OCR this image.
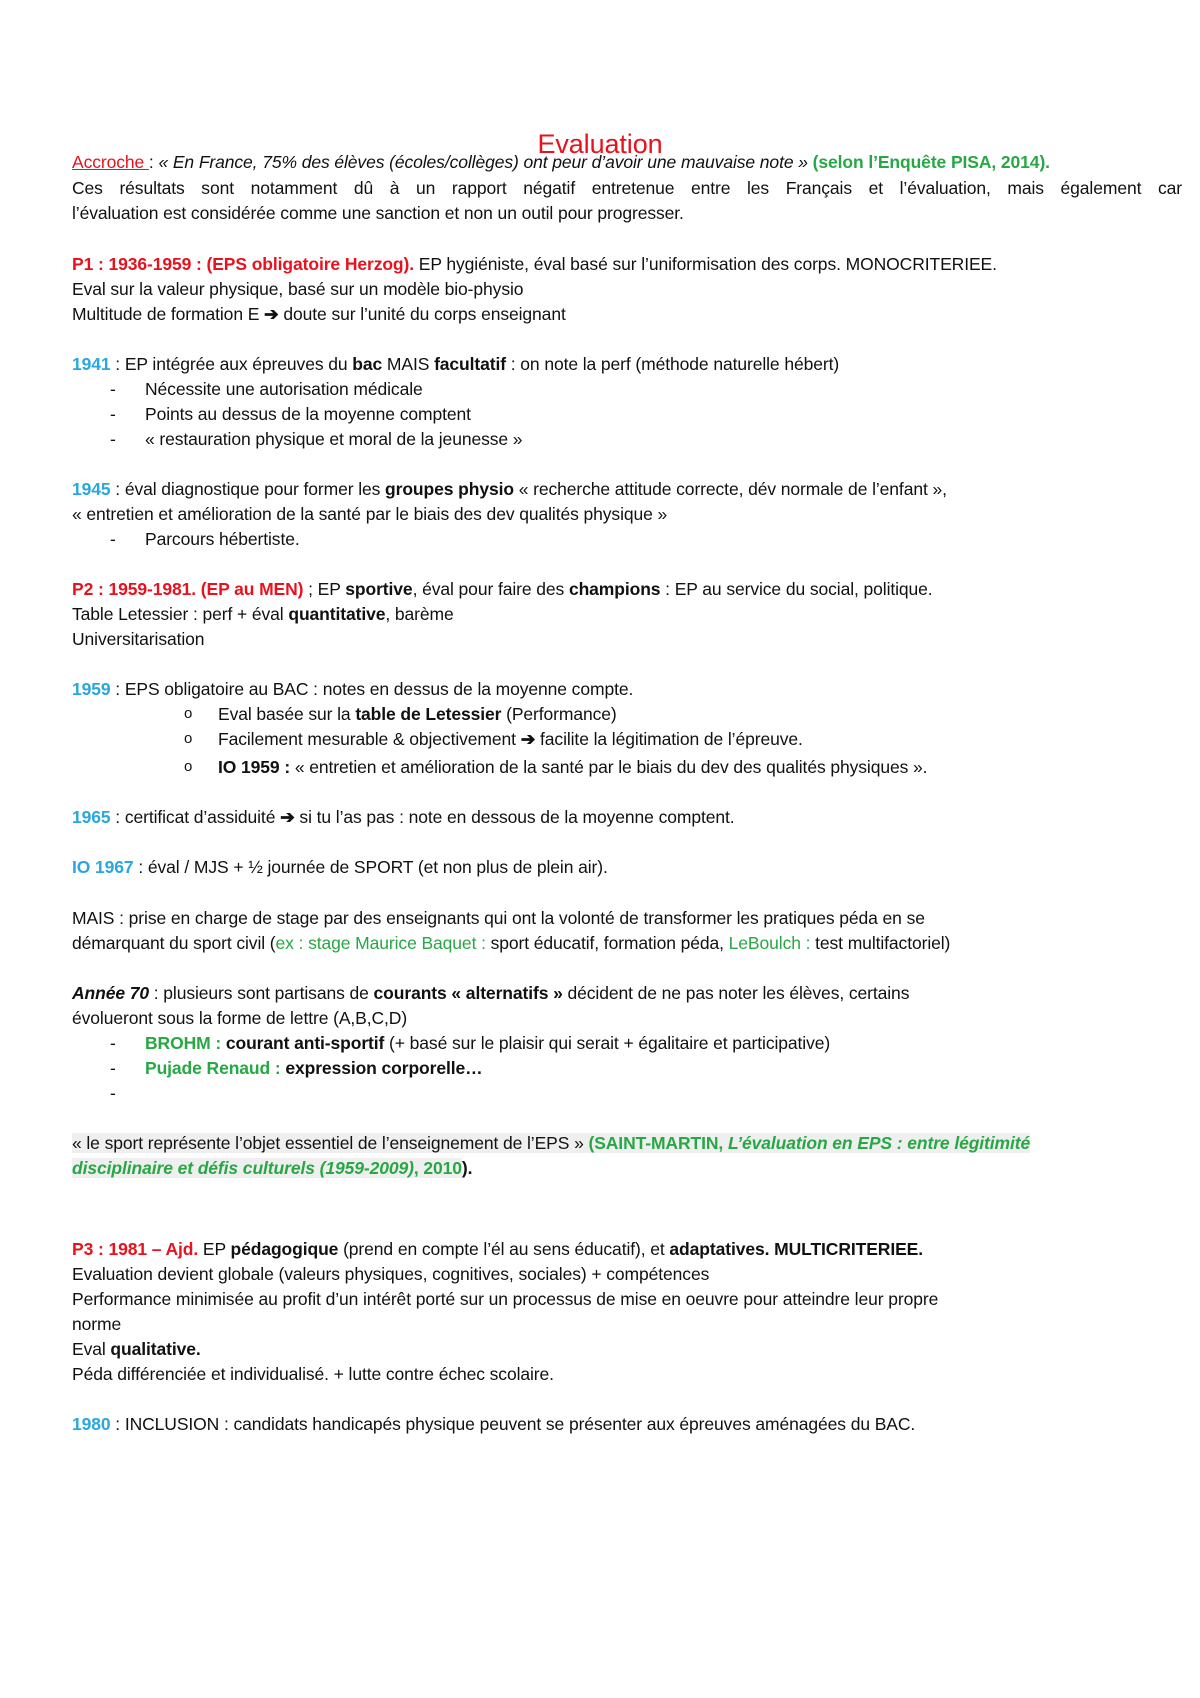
Evaluation
Accroche : « En France, 75% des élèves (écoles/collèges) ont peur d’avoir une mauvaise note » (selon l’Enquête PISA, 2014).
Ces résultats sont notamment dû à un rapport négatif entretenue entre les Français et l’évaluation, mais également car
l’évaluation est considérée comme une sanction et non un outil pour progresser.
P1 : 1936-1959 : (EPS obligatoire Herzog). EP hygiéniste, éval basé sur l’uniformisation des corps. MONOCRITERIEE.
Eval sur la valeur physique, basé sur un modèle bio-physio
Multitude de formation E ➔ doute sur l’unité du corps enseignant
1941 : EP intégrée aux épreuves du bac MAIS facultatif : on note la perf (méthode naturelle hébert)
- Nécessite une autorisation médicale
- Points au dessus de la moyenne comptent
- « restauration physique et moral de la jeunesse »
1945 : éval diagnostique pour former les groupes physio « recherche attitude correcte, dév normale de l’enfant »,
« entretien et amélioration de la santé par le biais des dev qualités physique »
- Parcours hébertiste.
P2 : 1959-1981. (EP au MEN) ; EP sportive, éval pour faire des champions : EP au service du social, politique.
Table Letessier : perf + éval quantitative, barème
Universitarisation
1959 : EPS obligatoire au BAC : notes en dessus de la moyenne compte.
o Eval basée sur la table de Letessier (Performance)
o Facilement mesurable & objectivement ➔ facilite la légitimation de l’épreuve.
o IO 1959 : « entretien et amélioration de la santé par le biais du dev des qualités physiques ».
1965 : certificat d’assiduité ➔ si tu l’as pas : note en dessous de la moyenne comptent.
IO 1967 : éval / MJS + ½ journée de SPORT (et non plus de plein air).
MAIS : prise en charge de stage par des enseignants qui ont la volonté de transformer les pratiques péda en se
démarquant du sport civil (ex : stage Maurice Baquet : sport éducatif, formation péda, LeBoulch : test multifactoriel)
Année 70 : plusieurs sont partisans de courants « alternatifs » décident de ne pas noter les élèves, certains
évolueront sous la forme de lettre (A,B,C,D)
- BROHM : courant anti-sportif (+ basé sur le plaisir qui serait + égalitaire et participative)
- Pujade Renaud : expression corporelle…
-
« le sport représente l’objet essentiel de l’enseignement de l’EPS » (SAINT-MARTIN, L’évaluation en EPS : entre légitimité
disciplinaire et défis culturels (1959-2009), 2010).
P3 : 1981 – Ajd. EP pédagogique (prend en compte l’él au sens éducatif), et adaptatives. MULTICRITERIEE.
Evaluation devient globale (valeurs physiques, cognitives, sociales) + compétences
Performance minimisée au profit d’un intérêt porté sur un processus de mise en oeuvre pour atteindre leur propre
norme
Eval qualitative.
Péda différenciée et individualisé. + lutte contre échec scolaire.
1980 : INCLUSION : candidats handicapés physique peuvent se présenter aux épreuves aménagées du BAC.
